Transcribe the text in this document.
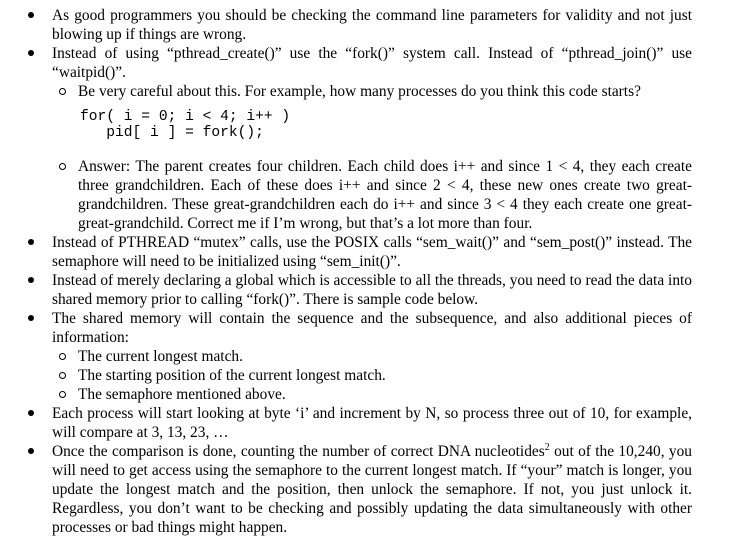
As good programmers you should be checking the command line parameters for validity and not just blowing up if things are wrong.
Instead of using “pthread_create()” use the “fork()” system call. Instead of “pthread_join()” use “waitpid()”.
Be very careful about this. For example, how many processes do you think this code starts?
for( i = 0; i < 4; i++ )
pid[ i ] = fork();
Answer: The parent creates four children. Each child does i++ and since 1 < 4, they each create three grandchildren. Each of these does i++ and since 2 < 4, these new ones create two great-grandchildren. These great-grandchildren each do i++ and since 3 < 4 they each create one great-great-grandchild. Correct me if I’m wrong, but that’s a lot more than four.
Instead of PTHREAD “mutex” calls, use the POSIX calls “sem_wait()” and “sem_post()” instead. The semaphore will need to be initialized using “sem_init()”.
Instead of merely declaring a global which is accessible to all the threads, you need to read the data into shared memory prior to calling “fork()”. There is sample code below.
The shared memory will contain the sequence and the subsequence, and also additional pieces of information:
The current longest match.
The starting position of the current longest match.
The semaphore mentioned above.
Each process will start looking at byte ‘i’ and increment by N, so process three out of 10, for example, will compare at 3, 13, 23, …
Once the comparison is done, counting the number of correct DNA nucleotides$^2$ out of the 10,240, you will need to get access using the semaphore to the current longest match. If “your” match is longer, you update the longest match and the position, then unlock the semaphore. If not, you just unlock it. Regardless, you don’t want to be checking and possibly updating the data simultaneously with other processes or bad things might happen.
